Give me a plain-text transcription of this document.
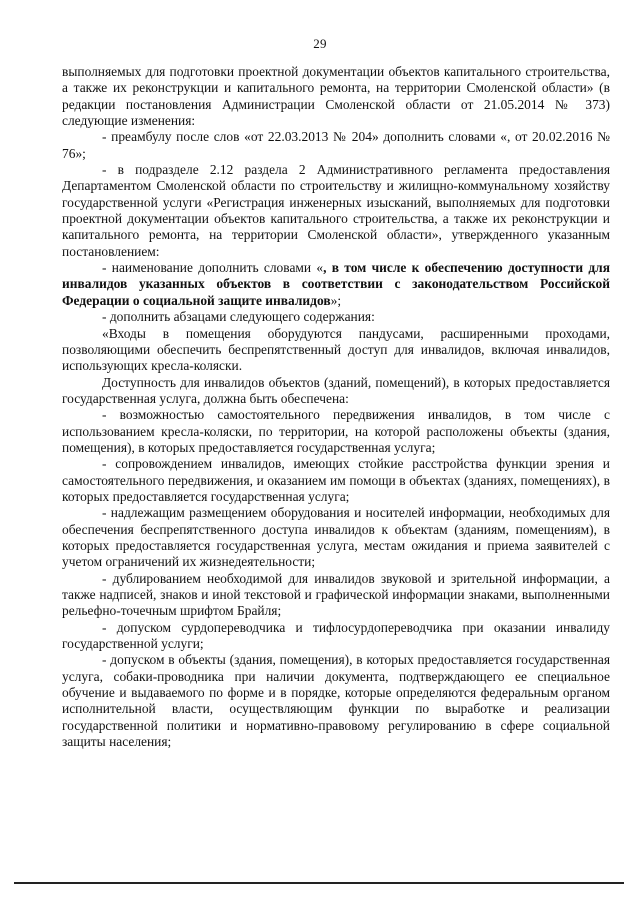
29

выполняемых для подготовки проектной документации объектов капитального строительства, а также их реконструкции и капитального ремонта, на территории Смоленской области» (в редакции постановления Администрации Смоленской области от 21.05.2014 № 373) следующие изменения:

- преамбулу после слов «от 22.03.2013 № 204» дополнить словами «, от 20.02.2016 № 76»;

- в подразделе 2.12 раздела 2 Административного регламента предоставления Департаментом Смоленской области по строительству и жилищно-коммунальному хозяйству государственной услуги «Регистрация инженерных изысканий, выполняемых для подготовки проектной документации объектов капитального строительства, а также их реконструкции и капитального ремонта, на территории Смоленской области», утвержденного указанным постановлением:

- наименование дополнить словами «, в том числе к обеспечению доступности для инвалидов указанных объектов в соответствии с законодательством Российской Федерации о социальной защите инвалидов»;

- дополнить абзацами следующего содержания:

«Входы в помещения оборудуются пандусами, расширенными проходами, позволяющими обеспечить беспрепятственный доступ для инвалидов, включая инвалидов, использующих кресла-коляски.

Доступность для инвалидов объектов (зданий, помещений), в которых предоставляется государственная услуга, должна быть обеспечена:

- возможностью самостоятельного передвижения инвалидов, в том числе с использованием кресла-коляски, по территории, на которой расположены объекты (здания, помещения), в которых предоставляется государственная услуга;

- сопровождением инвалидов, имеющих стойкие расстройства функции зрения и самостоятельного передвижения, и оказанием им помощи в объектах (зданиях, помещениях), в которых предоставляется государственная услуга;

- надлежащим размещением оборудования и носителей информации, необходимых для обеспечения беспрепятственного доступа инвалидов к объектам (зданиям, помещениям), в которых предоставляется государственная услуга, местам ожидания и приема заявителей с учетом ограничений их жизнедеятельности;

- дублированием необходимой для инвалидов звуковой и зрительной информации, а также надписей, знаков и иной текстовой и графической информации знаками, выполненными рельефно-точечным шрифтом Брайля;

- допуском сурдопереводчика и тифлосурдопереводчика при оказании инвалиду государственной услуги;

- допуском в объекты (здания, помещения), в которых предоставляется государственная услуга, собаки-проводника при наличии документа, подтверждающего ее специальное обучение и выдаваемого по форме и в порядке, которые определяются федеральным органом исполнительной власти, осуществляющим функции по выработке и реализации государственной политики и нормативно-правовому регулированию в сфере социальной защиты населения;
